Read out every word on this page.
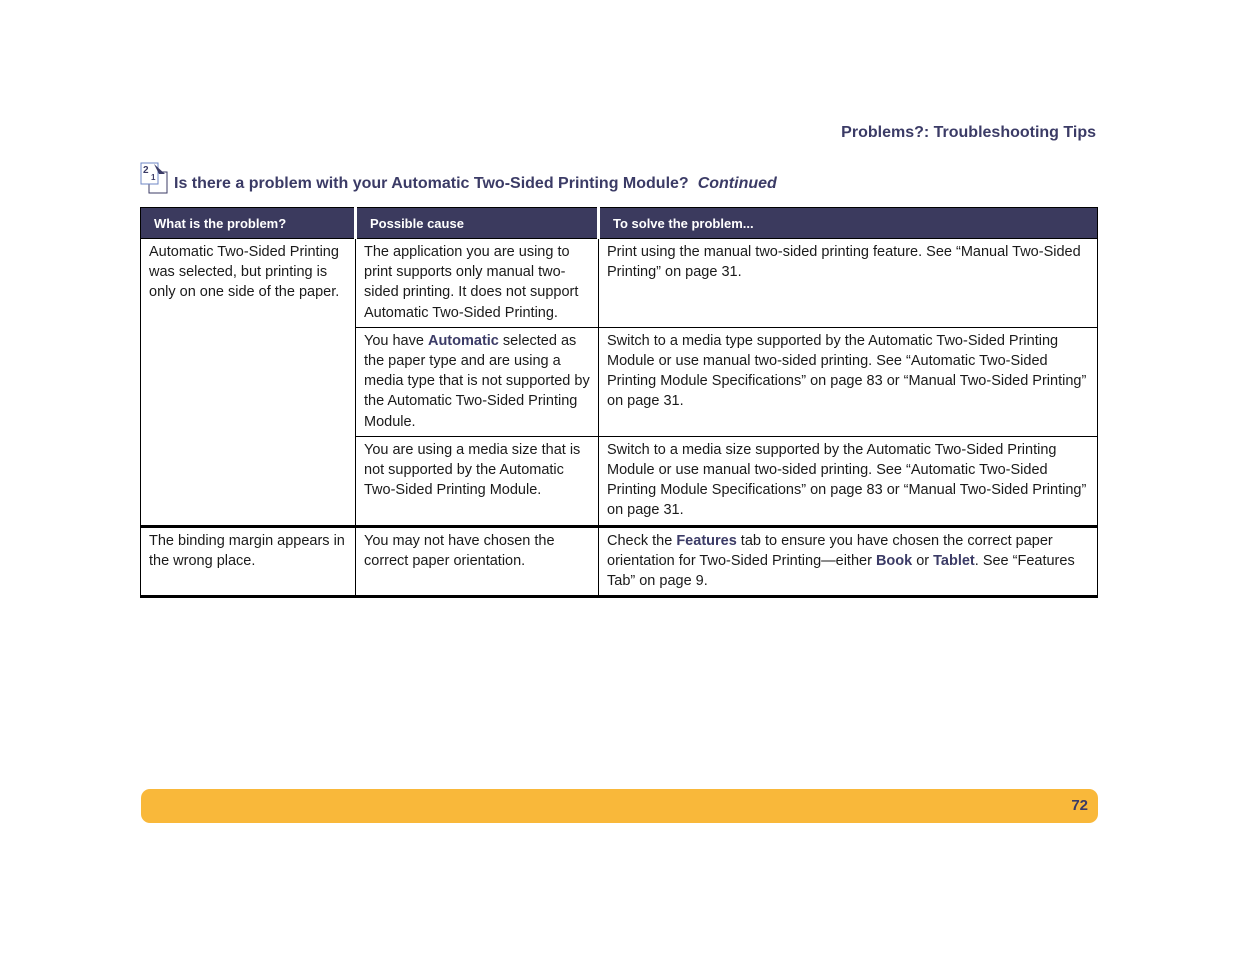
Problems?: Troubleshooting Tips
2
1 Is there a problem with your Automatic Two-Sided Printing Module? Continued
What is the problem?	Possible cause	To solve the problem...
Automatic Two-Sided Printing was selected, but printing is only on one side of the paper.	The application you are using to print supports only manual two-sided printing. It does not support Automatic Two-Sided Printing.	Print using the manual two-sided printing feature. See “Manual Two-Sided Printing” on page 31.
	You have Automatic selected as the paper type and are using a media type that is not supported by the Automatic Two-Sided Printing Module.	Switch to a media type supported by the Automatic Two-Sided Printing Module or use manual two-sided printing. See “Automatic Two-Sided Printing Module Specifications” on page 83 or “Manual Two-Sided Printing” on page 31.
	You are using a media size that is not supported by the Automatic Two-Sided Printing Module.	Switch to a media size supported by the Automatic Two-Sided Printing Module or use manual two-sided printing. See “Automatic Two-Sided Printing Module Specifications” on page 83 or “Manual Two-Sided Printing” on page 31.
The binding margin appears in the wrong place.	You may not have chosen the correct paper orientation.	Check the Features tab to ensure you have chosen the correct paper orientation for Two-Sided Printing—either Book or Tablet. See “Features Tab” on page 9.
72
